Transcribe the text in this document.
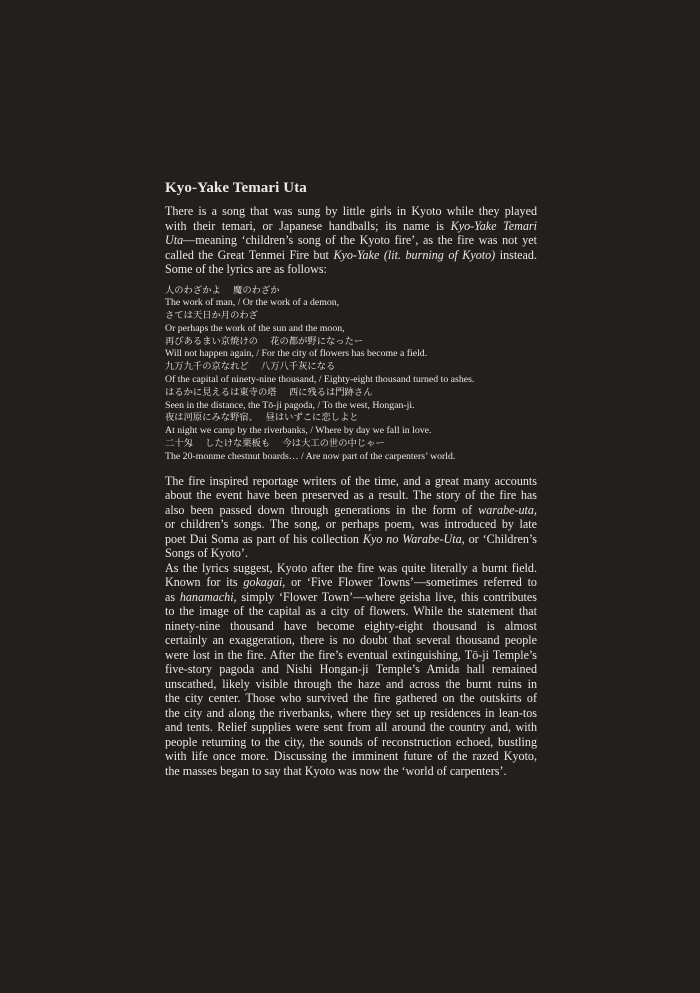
Kyo-Yake Temari Uta

There is a song that was sung by little girls in Kyoto while they played
with their temari, or Japanese handballs; its name is Kyo-Yake Temari
Uta—meaning ‘children’s song of the Kyoto fire’, as the fire was not yet
called the Great Tenmei Fire but Kyo-Yake (lit. burning of Kyoto) instead.
Some of the lyrics are as follows:

人のわざかよ　 魔のわざか
The work of man, / Or the work of a demon,
さては天日か月のわざ
Or perhaps the work of the sun and the moon,
再びあるまい京焼けの　 花の都が野になったー
Will not happen again, / For the city of flowers has become a field.
九万九千の京なれど　 八万八千灰になる
Of the capital of ninety-nine thousand, / Eighty-eight thousand turned to ashes.
はるかに見えるは東寺の塔　 西に残るは門跡さん
Seen in the distance, the Tō-ji pagoda, / To the west, Hongan-ji.
夜は河原にみな野宿、　 昼はいずこに恋しよと
At night we camp by the riverbanks, / Where by day we fall in love.
二十匁　 したけな栗板も　 今は大工の世の中じゃー
The 20-monme chestnut boards… / Are now part of the carpenters’ world.

The fire inspired reportage writers of the time, and a great many accounts
about the event have been preserved as a result. The story of the fire has
also been passed down through generations in the form of warabe-uta,
or children’s songs. The song, or perhaps poem, was introduced by late
poet Dai Soma as part of his collection Kyo no Warabe-Uta, or ‘Children’s
Songs of Kyoto’.

As the lyrics suggest, Kyoto after the fire was quite literally a burnt field.
Known for its gokagai, or ‘Five Flower Towns’—sometimes referred to
as hanamachi, simply ‘Flower Town’—where geisha live, this contributes
to the image of the capital as a city of flowers. While the statement that
ninety-nine thousand have become eighty-eight thousand is almost
certainly an exaggeration, there is no doubt that several thousand people
were lost in the fire. After the fire’s eventual extinguishing, Tō-ji Temple’s
five-story pagoda and Nishi Hongan-ji Temple’s Amida hall remained
unscathed, likely visible through the haze and across the burnt ruins in
the city center. Those who survived the fire gathered on the outskirts of
the city and along the riverbanks, where they set up residences in lean-tos
and tents. Relief supplies were sent from all around the country and, with
people returning to the city, the sounds of reconstruction echoed, bustling
with life once more. Discussing the imminent future of the razed Kyoto,
the masses began to say that Kyoto was now the ‘world of carpenters’.
